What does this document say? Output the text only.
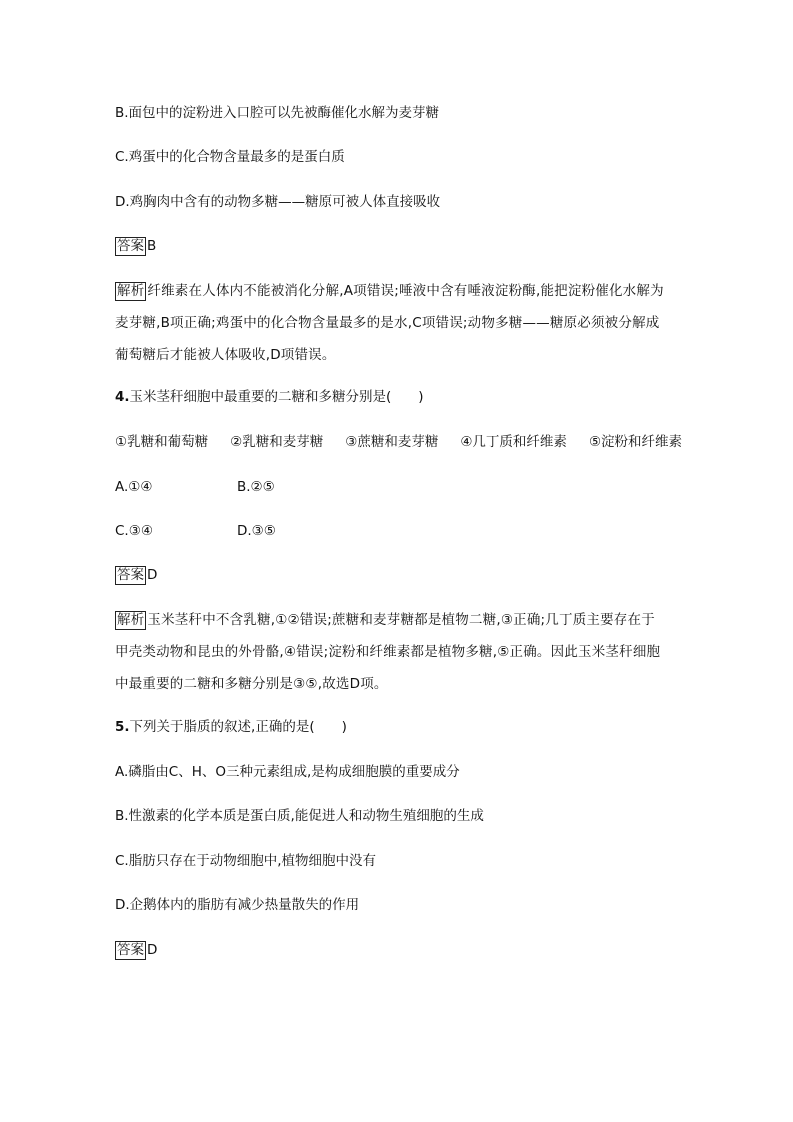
B.面包中的淀粉进入口腔可以先被酶催化水解为麦芽糖
C.鸡蛋中的化合物含量最多的是蛋白质
D.鸡胸肉中含有的动物多糖——糖原可被人体直接吸收
答案 B
解析 纤维素在人体内不能被消化分解,A项错误;唾液中含有唾液淀粉酶,能把淀粉催化水解为
麦芽糖,B项正确;鸡蛋中的化合物含量最多的是水,C项错误;动物多糖——糖原必须被分解成
葡萄糖后才能被人体吸收,D项错误。
4.玉米茎秆细胞中最重要的二糖和多糖分别是(　　)
①乳糖和葡萄糖 ②乳糖和麦芽糖 ③蔗糖和麦芽糖 ④几丁质和纤维素 ⑤淀粉和纤维素
A.①④	B.②⑤
C.③④	D.③⑤
答案 D
解析 玉米茎秆中不含乳糖,①②错误;蔗糖和麦芽糖都是植物二糖,③正确;几丁质主要存在于
甲壳类动物和昆虫的外骨骼,④错误;淀粉和纤维素都是植物多糖,⑤正确。因此玉米茎秆细胞
中最重要的二糖和多糖分别是③⑤,故选D项。
5.下列关于脂质的叙述,正确的是(　　)
A.磷脂由C、H、O三种元素组成,是构成细胞膜的重要成分
B.性激素的化学本质是蛋白质,能促进人和动物生殖细胞的生成
C.脂肪只存在于动物细胞中,植物细胞中没有
D.企鹅体内的脂肪有减少热量散失的作用
答案 D
